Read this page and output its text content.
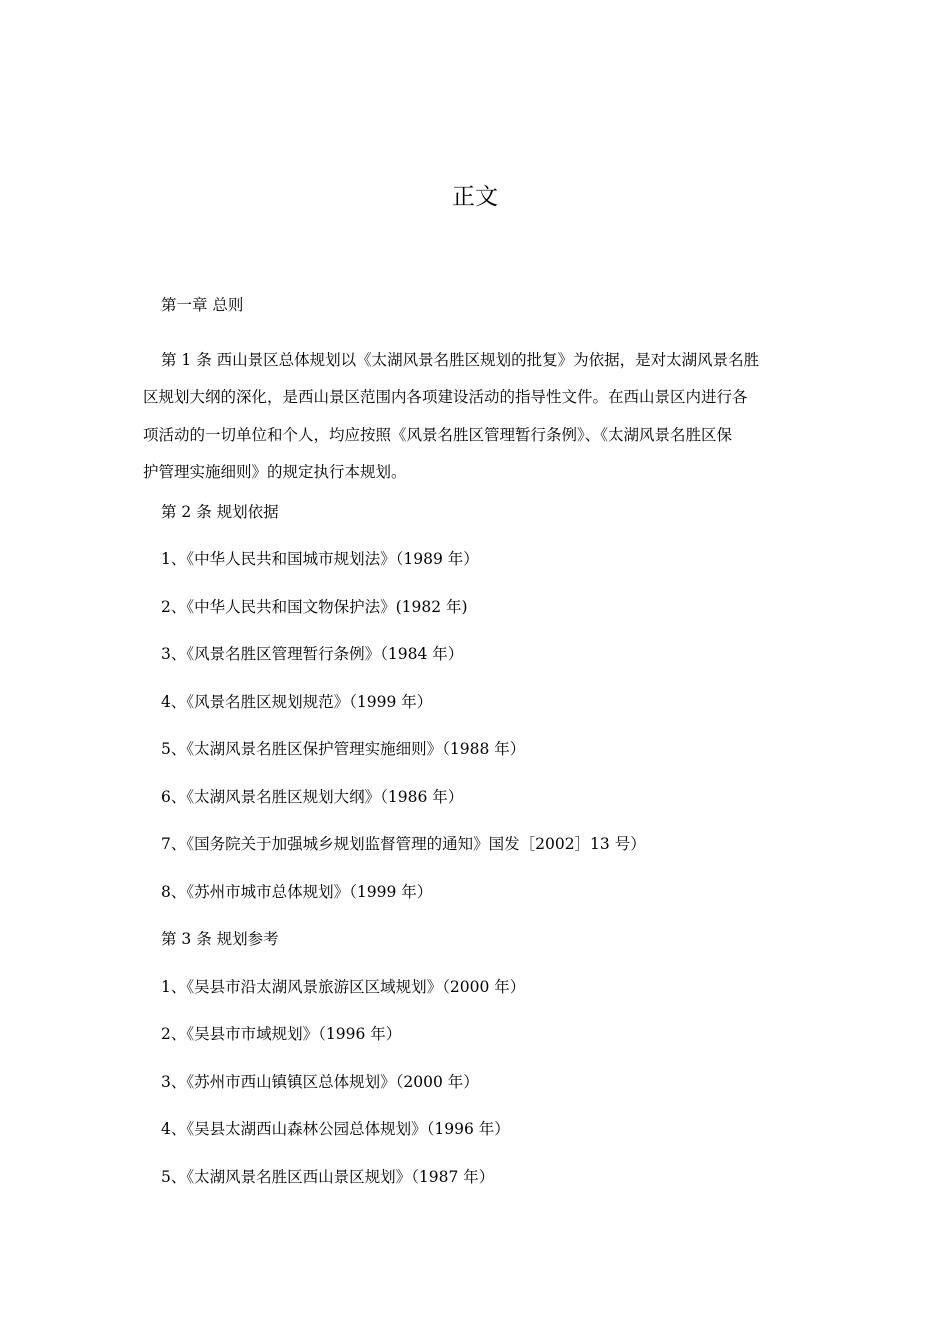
正文

第一章 总则

第 1 条 西山景区总体规划以《太湖风景名胜区规划的批复》为依据，是对太湖风景名胜
区规划大纲的深化，是西山景区范围内各项建设活动的指导性文件。在西山景区内进行各
项活动的一切单位和个人，均应按照《风景名胜区管理暂行条例》、《太湖风景名胜区保
护管理实施细则》的规定执行本规划。

第 2 条 规划依据

1、《中华人民共和国城市规划法》（1989 年）

2、《中华人民共和国文物保护法》(1982 年)

3、《风景名胜区管理暂行条例》（1984 年）

4、《风景名胜区规划规范》（1999 年）

5、《太湖风景名胜区保护管理实施细则》（1988 年）

6、《太湖风景名胜区规划大纲》（1986 年）

7、《国务院关于加强城乡规划监督管理的通知》国发［2002］13 号）

8、《苏州市城市总体规划》（1999 年）

第 3 条 规划参考

1、《吴县市沿太湖风景旅游区区域规划》（2000 年）

2、《吴县市市域规划》（1996 年）

3、《苏州市西山镇镇区总体规划》（2000 年）

4、《吴县太湖西山森林公园总体规划》（1996 年）

5、《太湖风景名胜区西山景区规划》（1987 年）
